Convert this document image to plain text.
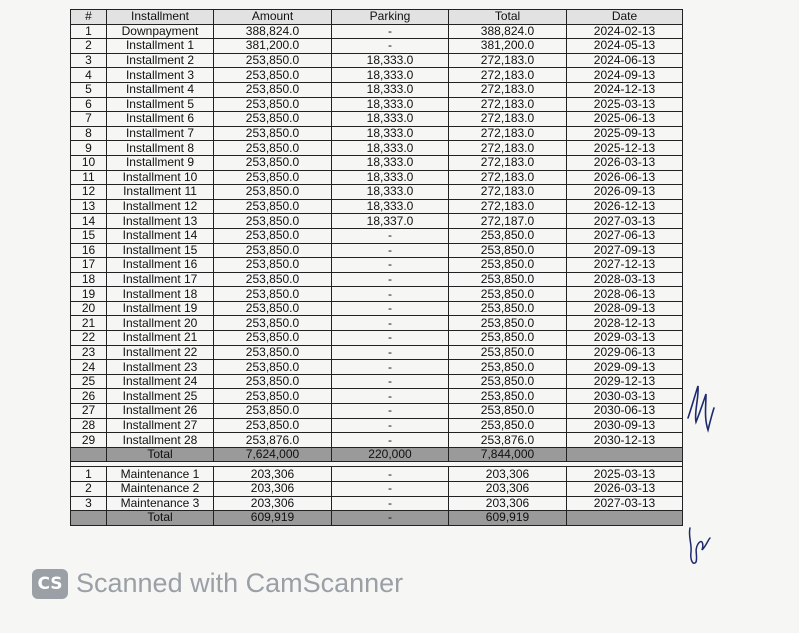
#	Installment	Amount	Parking	Total	Date
1	Downpayment	388,824.0	-	388,824.0	2024-02-13
2	Installment 1	381,200.0	-	381,200.0	2024-05-13
3	Installment 2	253,850.0	18,333.0	272,183.0	2024-06-13
4	Installment 3	253,850.0	18,333.0	272,183.0	2024-09-13
5	Installment 4	253,850.0	18,333.0	272,183.0	2024-12-13
6	Installment 5	253,850.0	18,333.0	272,183.0	2025-03-13
7	Installment 6	253,850.0	18,333.0	272,183.0	2025-06-13
8	Installment 7	253,850.0	18,333.0	272,183.0	2025-09-13
9	Installment 8	253,850.0	18,333.0	272,183.0	2025-12-13
10	Installment 9	253,850.0	18,333.0	272,183.0	2026-03-13
11	Installment 10	253,850.0	18,333.0	272,183.0	2026-06-13
12	Installment 11	253,850.0	18,333.0	272,183.0	2026-09-13
13	Installment 12	253,850.0	18,333.0	272,183.0	2026-12-13
14	Installment 13	253,850.0	18,337.0	272,187.0	2027-03-13
15	Installment 14	253,850.0	-	253,850.0	2027-06-13
16	Installment 15	253,850.0	-	253,850.0	2027-09-13
17	Installment 16	253,850.0	-	253,850.0	2027-12-13
18	Installment 17	253,850.0	-	253,850.0	2028-03-13
19	Installment 18	253,850.0	-	253,850.0	2028-06-13
20	Installment 19	253,850.0	-	253,850.0	2028-09-13
21	Installment 20	253,850.0	-	253,850.0	2028-12-13
22	Installment 21	253,850.0	-	253,850.0	2029-03-13
23	Installment 22	253,850.0	-	253,850.0	2029-06-13
24	Installment 23	253,850.0	-	253,850.0	2029-09-13
25	Installment 24	253,850.0	-	253,850.0	2029-12-13
26	Installment 25	253,850.0	-	253,850.0	2030-03-13
27	Installment 26	253,850.0	-	253,850.0	2030-06-13
28	Installment 27	253,850.0	-	253,850.0	2030-09-13
29	Installment 28	253,876.0	-	253,876.0	2030-12-13
	Total	7,624,000	220,000	7,844,000	

1	Maintenance 1	203,306	-	203,306	2025-03-13
2	Maintenance 2	203,306	-	203,306	2026-03-13
3	Maintenance 3	203,306	-	203,306	2027-03-13
	Total	609,919	-	609,919	
CS Scanned with CamScanner
